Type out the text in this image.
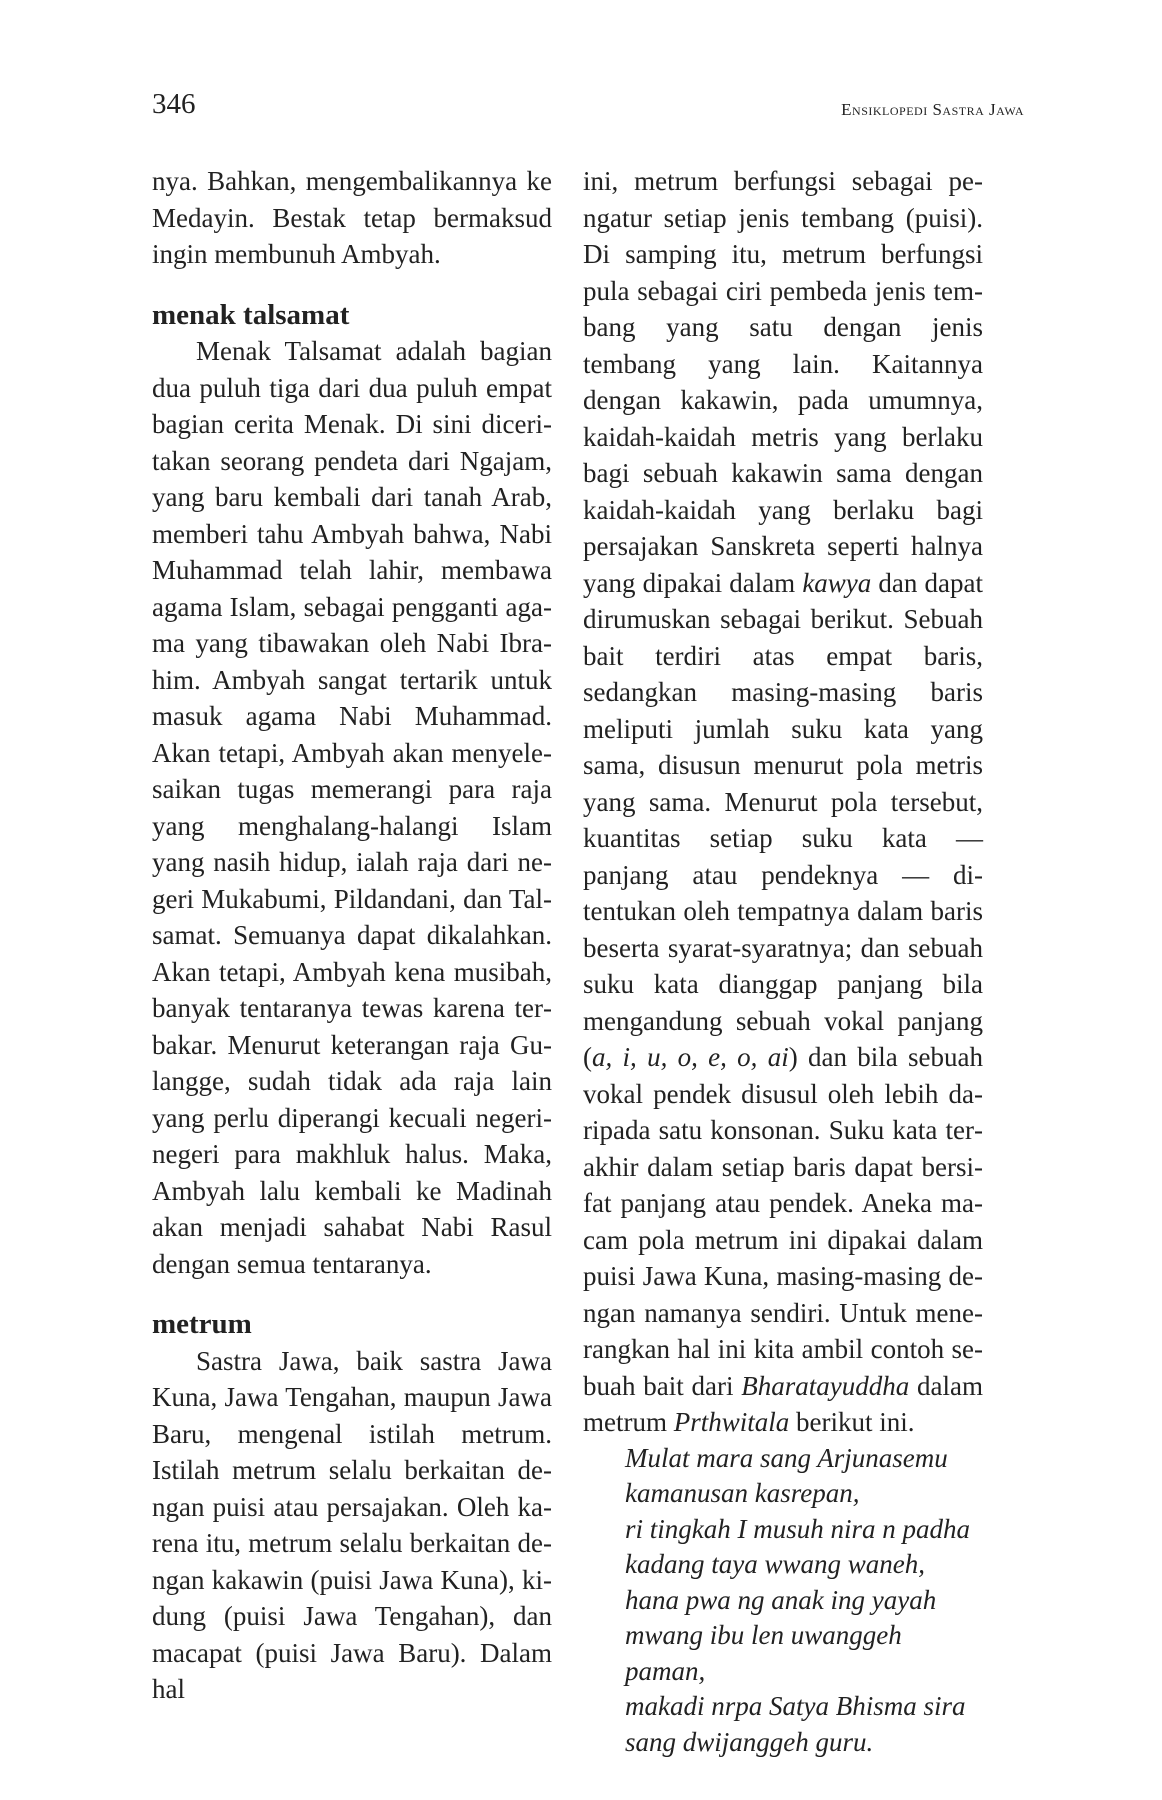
346	Ensiklopedi Sastra Jawa

nya. Bahkan, mengembalikannya ke Medayin. Bestak tetap bermaksud ingin membunuh Ambyah.

menak talsamat

Menak Talsamat adalah bagian dua puluh tiga dari dua puluh empat bagian cerita Menak. Di sini diceritakan seorang pendeta dari Ngajam, yang baru kembali dari tanah Arab, memberi tahu Ambyah bahwa, Nabi Muhammad telah lahir, membawa agama Islam, sebagai pengganti agama yang tibawakan oleh Nabi Ibrahim. Ambyah sangat tertarik untuk masuk agama Nabi Muhammad. Akan tetapi, Ambyah akan menyelesaikan tugas memerangi para raja yang menghalang-halangi Islam yang nasih hidup, ialah raja dari negeri Mukabumi, Pildandani, dan Talsamat. Semuanya dapat dikalahkan. Akan tetapi, Ambyah kena musibah, banyak tentaranya tewas karena terbakar. Menurut keterangan raja Gulangge, sudah tidak ada raja lain yang perlu diperangi kecuali negeri-negeri para makhluk halus. Maka, Ambyah lalu kembali ke Madinah akan menjadi sahabat Nabi Rasul dengan semua tentaranya.

metrum

Sastra Jawa, baik sastra Jawa Kuna, Jawa Tengahan, maupun Jawa Baru, mengenal istilah metrum. Istilah metrum selalu berkaitan dengan puisi atau persajakan. Oleh karena itu, metrum selalu berkaitan dengan kakawin (puisi Jawa Kuna), kidung (puisi Jawa Tengahan), dan macapat (puisi Jawa Baru). Dalam hal

ini, metrum berfungsi sebagai pengatur setiap jenis tembang (puisi). Di samping itu, metrum berfungsi pula sebagai ciri pembeda jenis tembang yang satu dengan jenis tembang yang lain. Kaitannya dengan kakawin, pada umumnya, kaidah-kaidah metris yang berlaku bagi sebuah kakawin sama dengan kaidah-kaidah yang berlaku bagi persajakan Sanskreta seperti halnya yang dipakai dalam kawya dan dapat dirumuskan sebagai berikut. Sebuah bait terdiri atas empat baris, sedangkan masing-masing baris meliputi jumlah suku kata yang sama, disusun menurut pola metris yang sama. Menurut pola tersebut, kuantitas setiap suku kata — panjang atau pendeknya — ditentukan oleh tempatnya dalam baris beserta syarat-syaratnya; dan sebuah suku kata dianggap panjang bila mengandung sebuah vokal panjang (a, i, u, o, e, o, ai) dan bila sebuah vokal pendek disusul oleh lebih daripada satu konsonan. Suku kata terakhir dalam setiap baris dapat bersifat panjang atau pendek. Aneka macam pola metrum ini dipakai dalam puisi Jawa Kuna, masing-masing dengan namanya sendiri. Untuk menerangkan hal ini kita ambil contoh sebuah bait dari Bharatayuddha dalam metrum Prthwitala berikut ini.

Mulat mara sang Arjunasemu
kamanusan kasrepan,
ri tingkah I musuh nira n padha
kadang taya wwang waneh,
hana pwa ng anak ing yayah
mwang ibu len uwanggeh paman,
makadi nrpa Satya Bhisma sira
sang dwijanggeh guru.
